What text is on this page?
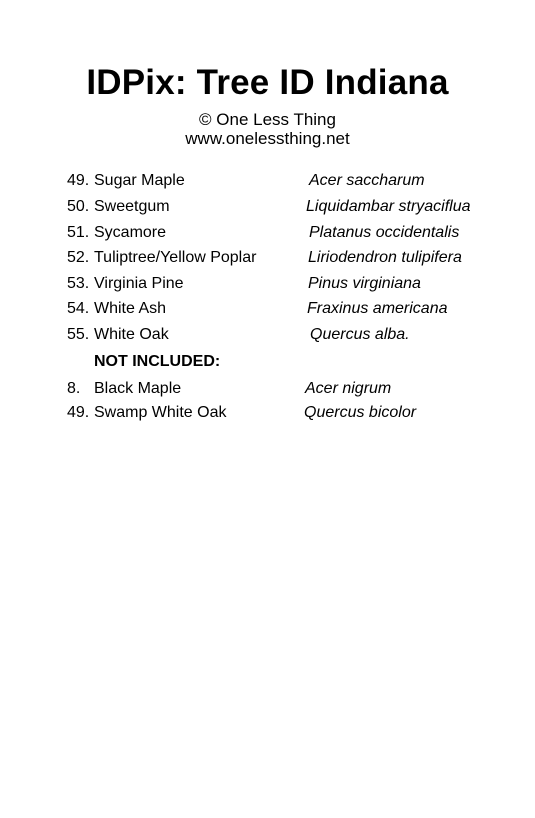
IDPix: Tree ID Indiana
© One Less Thing
www.onelessthing.net
49. Sugar Maple	Acer saccharum
50. Sweetgum	Liquidambar stryaciflua
51. Sycamore	Platanus occidentalis
52. Tuliptree/Yellow Poplar	Liriodendron tulipifera
53. Virginia Pine	Pinus virginiana
54. White Ash	Fraxinus americana
55. White Oak	Quercus alba.
NOT INCLUDED:
8. Black Maple	Acer nigrum
49. Swamp White Oak	Quercus bicolor
